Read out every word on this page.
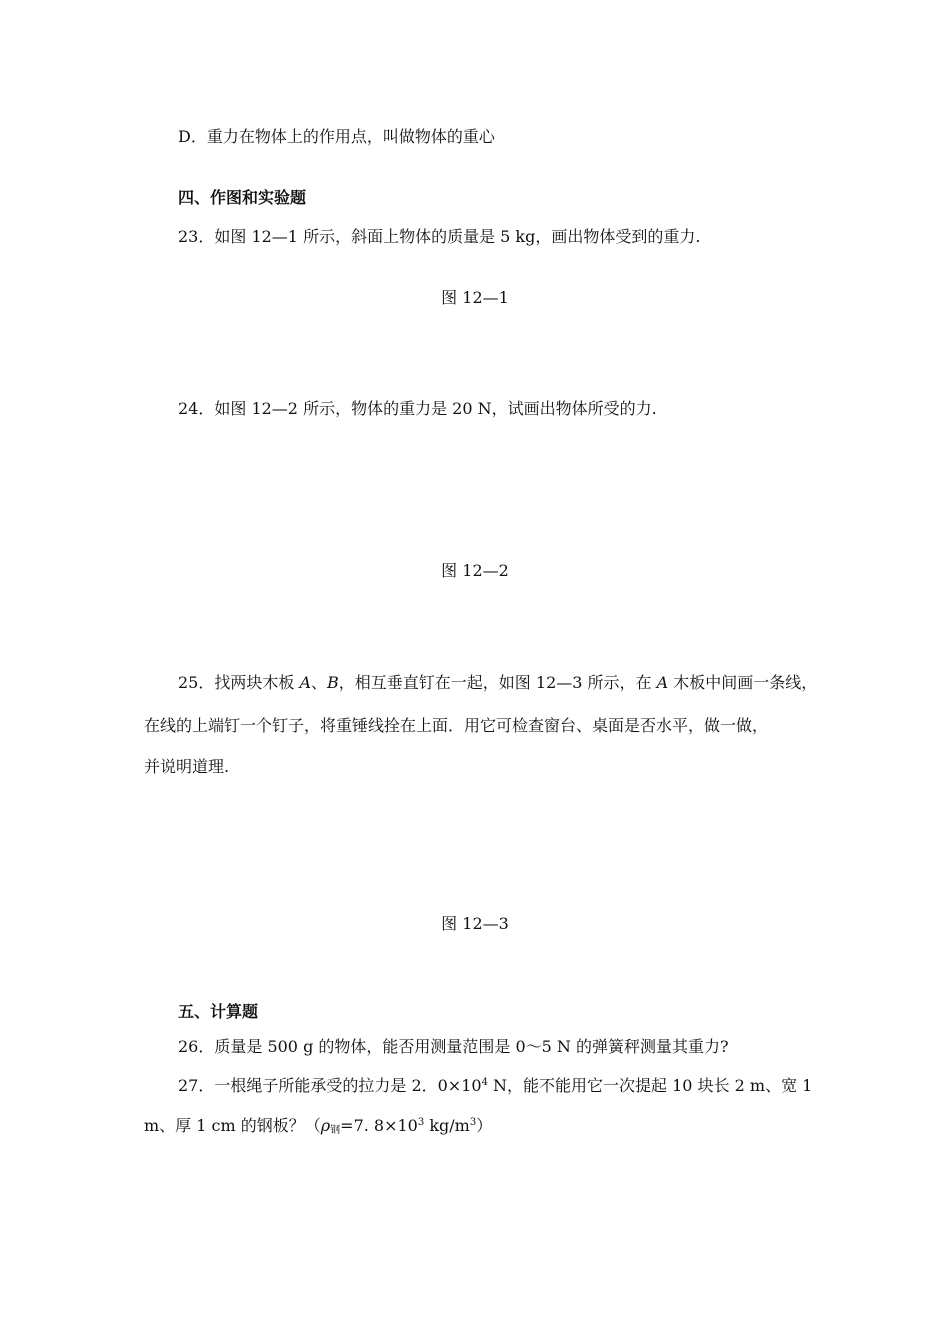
D．重力在物体上的作用点，叫做物体的重心
四、作图和实验题
23．如图 12—1 所示，斜面上物体的质量是 5 kg，画出物体受到的重力.
图 12—1
24．如图 12—2 所示，物体的重力是 20 N，试画出物体所受的力.
图 12—2
25．找两块木板 A、B，相互垂直钉在一起，如图 12—3 所示，在 A 木板中间画一条线，
在线的上端钉一个钉子，将重锤线拴在上面．用它可检查窗台、桌面是否水平，做一做，
并说明道理.
图 12—3
五、计算题
26．质量是 500 g 的物体，能否用测量范围是 0～5 N 的弹簧秤测量其重力?
27．一根绳子所能承受的拉力是 2．$0\times 10^4$ N，能不能用它一次提起 10 块长 2 m、宽 1
m、厚 1 cm 的钢板？（$\rho_钢=7$. $8\times 10^3$ $kg/m^3$）
